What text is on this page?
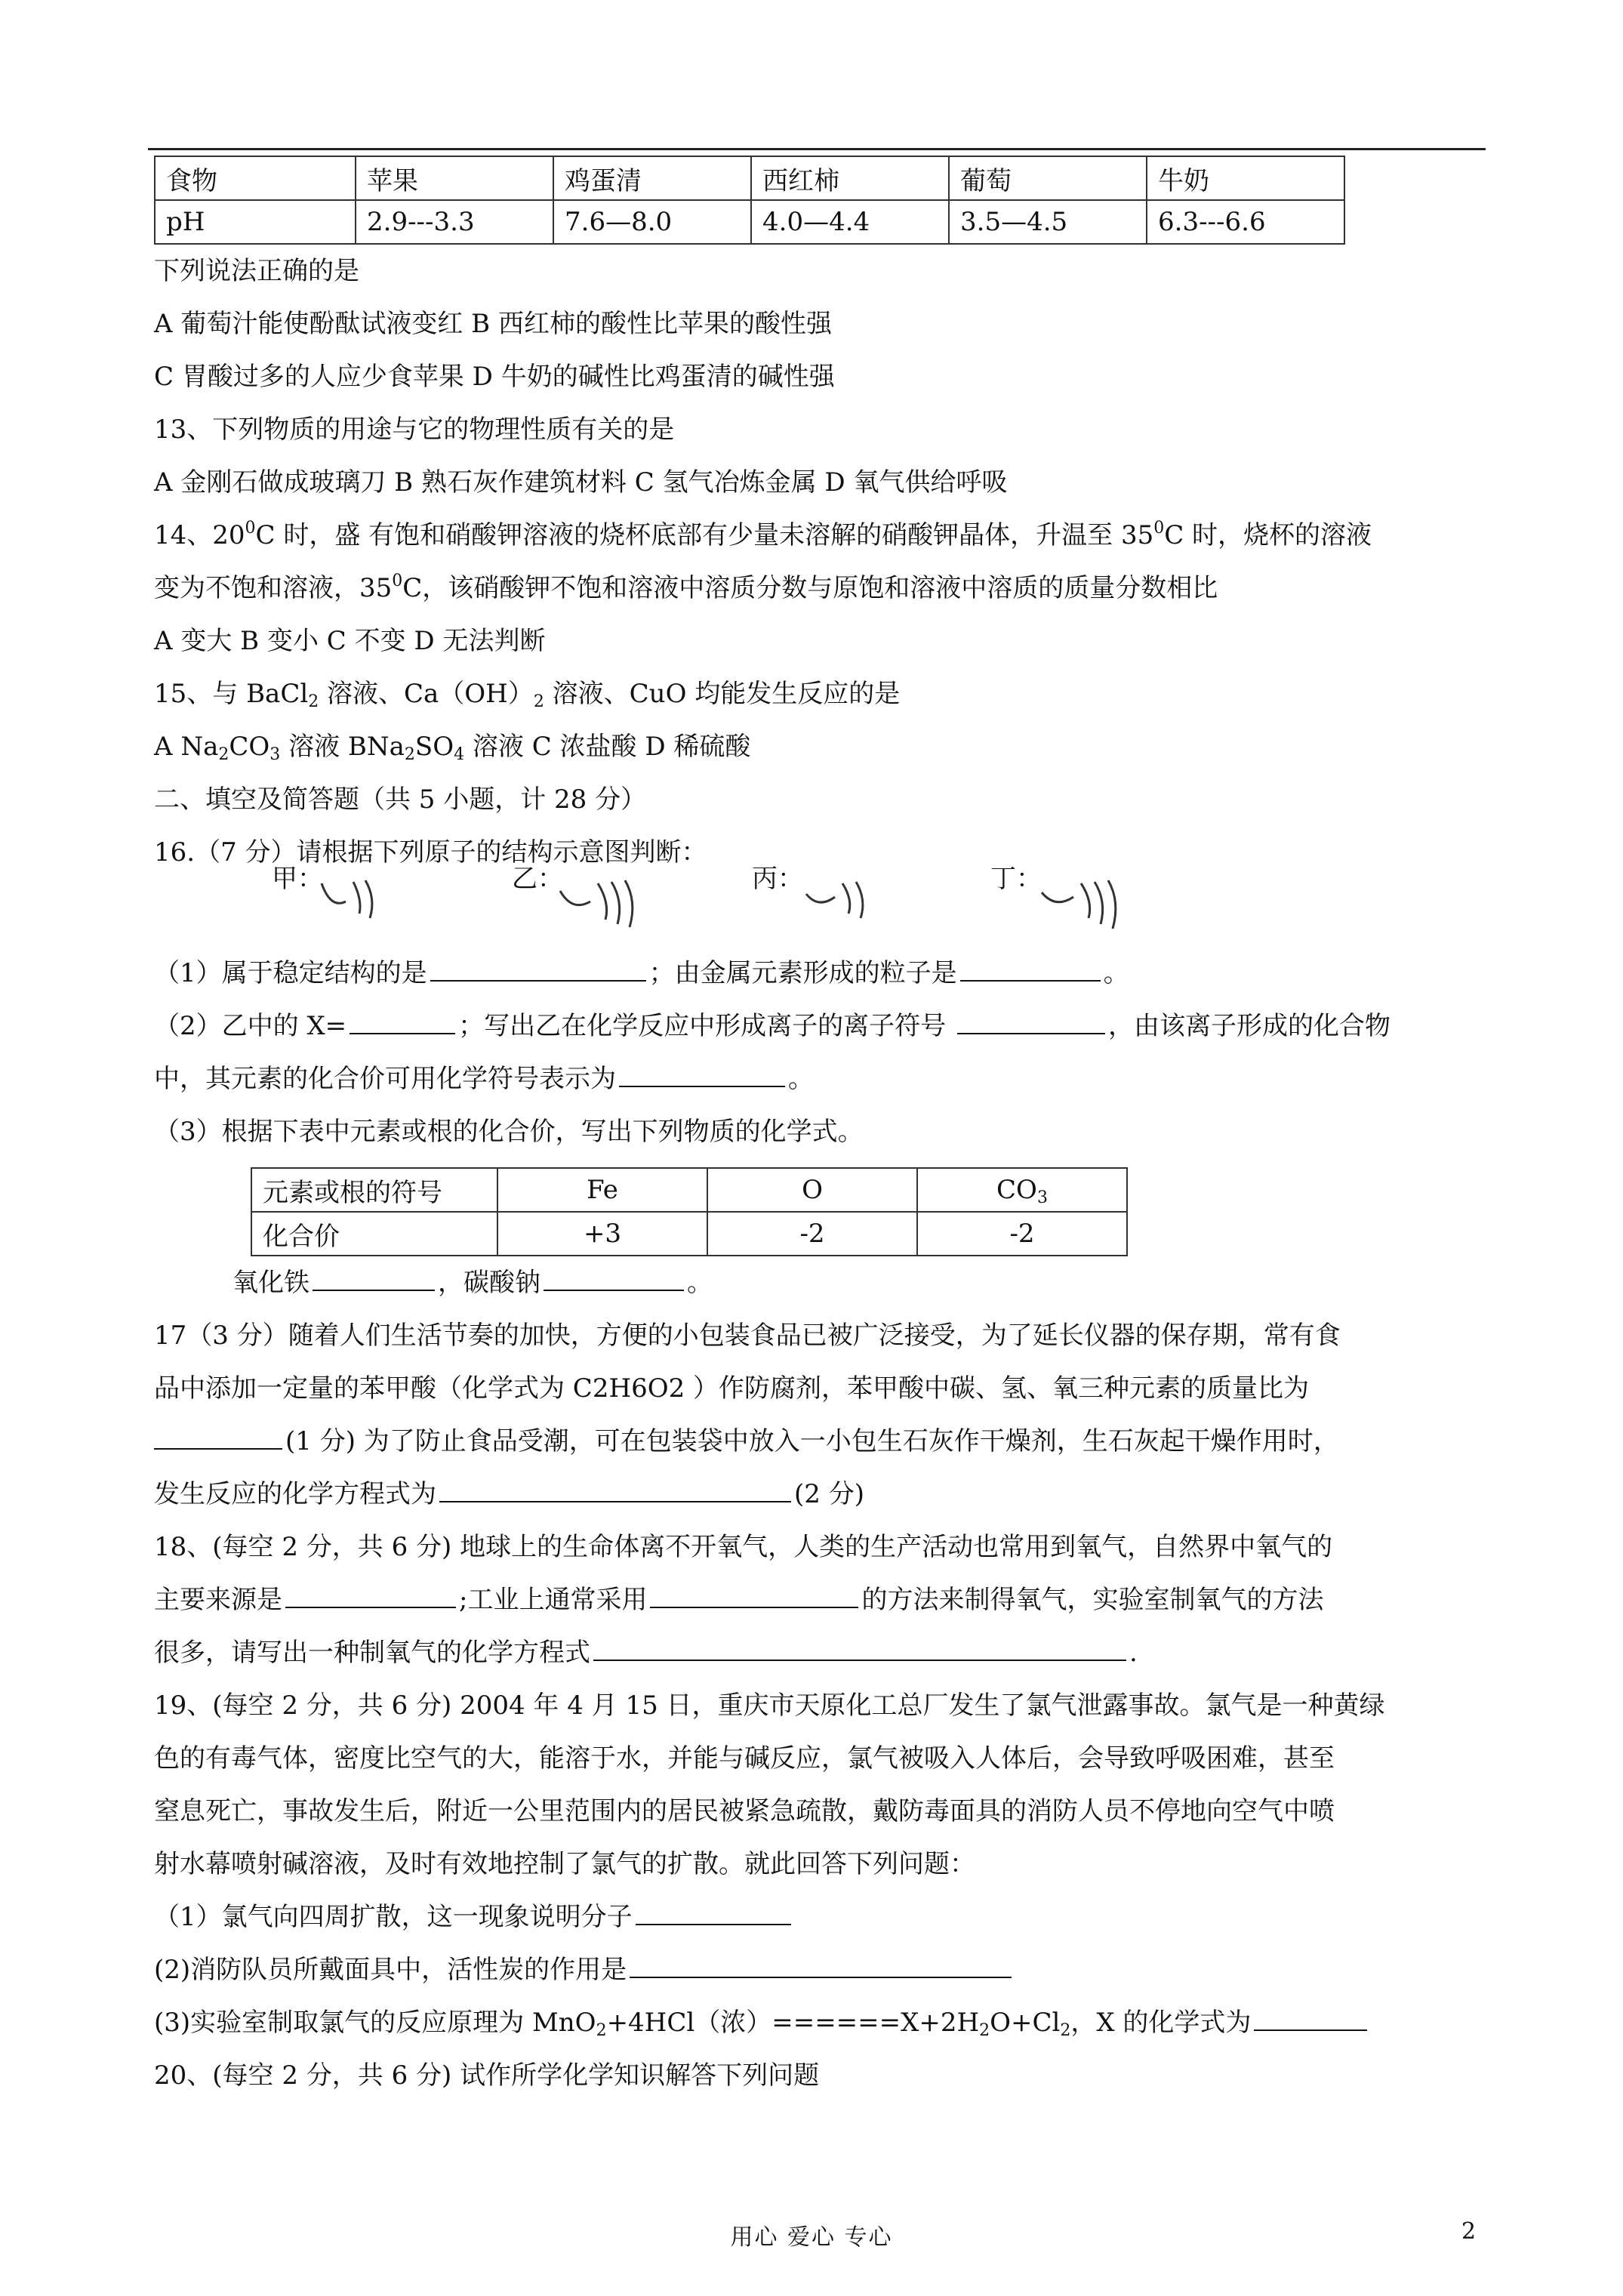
食物	苹果	鸡蛋清	西红柿	葡萄	牛奶
pH	2.9---3.3	7.6—8.0	4.0—4.4	3.5—4.5	6.3---6.6
下列说法正确的是
A 葡萄汁能使酚酞试液变红 B 西红柿的酸性比苹果的酸性强
C 胃酸过多的人应少食苹果 D 牛奶的碱性比鸡蛋清的碱性强
13、下列物质的用途与它的物理性质有关的是
A 金刚石做成玻璃刀 B 熟石灰作建筑材料 C 氢气冶炼金属 D 氧气供给呼吸
14、$20^0C$ 时，盛 有饱和硝酸钾溶液的烧杯底部有少量未溶解的硝酸钾晶体，升温至 $35^0C$ 时，烧杯的溶液
变为不饱和溶液，$35^0C$，该硝酸钾不饱和溶液中溶质分数与原饱和溶液中溶质的质量分数相比
A 变大 B 变小 C 不变 D 无法判断
15、与 BaCl$_2$ 溶液、$Ca(OH)_2$ 溶液、CuO 均能发生反应的是
A $Na_2CO_3$ 溶液 $BNa_2SO_4$ 溶液 C 浓盐酸 D 稀硫酸
二、填空及简答题（共 5 小题，计 28 分）
16.（7 分）请根据下列原子的结构示意图判断：
甲：	乙：	丙：	丁：
（1）属于稳定结构的是	；由金属元素形成的粒子是	。
（2）乙中的 X=	；写出乙在化学反应中形成离子的离子符号	，由该离子形成的化合物
中，其元素的化合价可用化学符号表示为	。
（3）根据下表中元素或根的化合价，写出下列物质的化学式。
元素或根的符号	Fe	O	$CO_3$
化合价	+3	-2	-2
氧化铁	，碳酸钠	。
17（3 分）随着人们生活节奏的加快，方便的小包装食品已被广泛接受，为了延长仪器的保存期，常有食
品中添加一定量的苯甲酸（化学式为 C2H6O2 ）作防腐剂，苯甲酸中碳、氢、氧三种元素的质量比为
(1 分) 为了防止食品受潮，可在包装袋中放入一小包生石灰作干燥剂，生石灰起干燥作用时，
发生反应的化学方程式为	(2 分)
18、(每空 2 分，共 6 分) 地球上的生命体离不开氧气，人类的生产活动也常用到氧气，自然界中氧气的
主要来源是	;工业上通常采用	的方法来制得氧气，实验室制氧气的方法
很多，请写出一种制氧气的化学方程式	.
19、(每空 2 分，共 6 分) 2004 年 4 月 15 日，重庆市天原化工总厂发生了氯气泄露事故。氯气是一种黄绿
色的有毒气体，密度比空气的大，能溶于水，并能与碱反应，氯气被吸入人体后，会导致呼吸困难，甚至
窒息死亡，事故发生后，附近一公里范围内的居民被紧急疏散，戴防毒面具的消防人员不停地向空气中喷
射水幕喷射碱溶液，及时有效地控制了氯气的扩散。就此回答下列问题：
（1）氯气向四周扩散，这一现象说明分子
(2)消防队员所戴面具中，活性炭的作用是
(3)实验室制取氯气的反应原理为 MnO$_2$+4HCl（浓）$======X+2H_2O+Cl_2$，X 的化学式为
20、(每空 2 分，共 6 分) 试作所学化学知识解答下列问题
用心 爱心 专心	2
